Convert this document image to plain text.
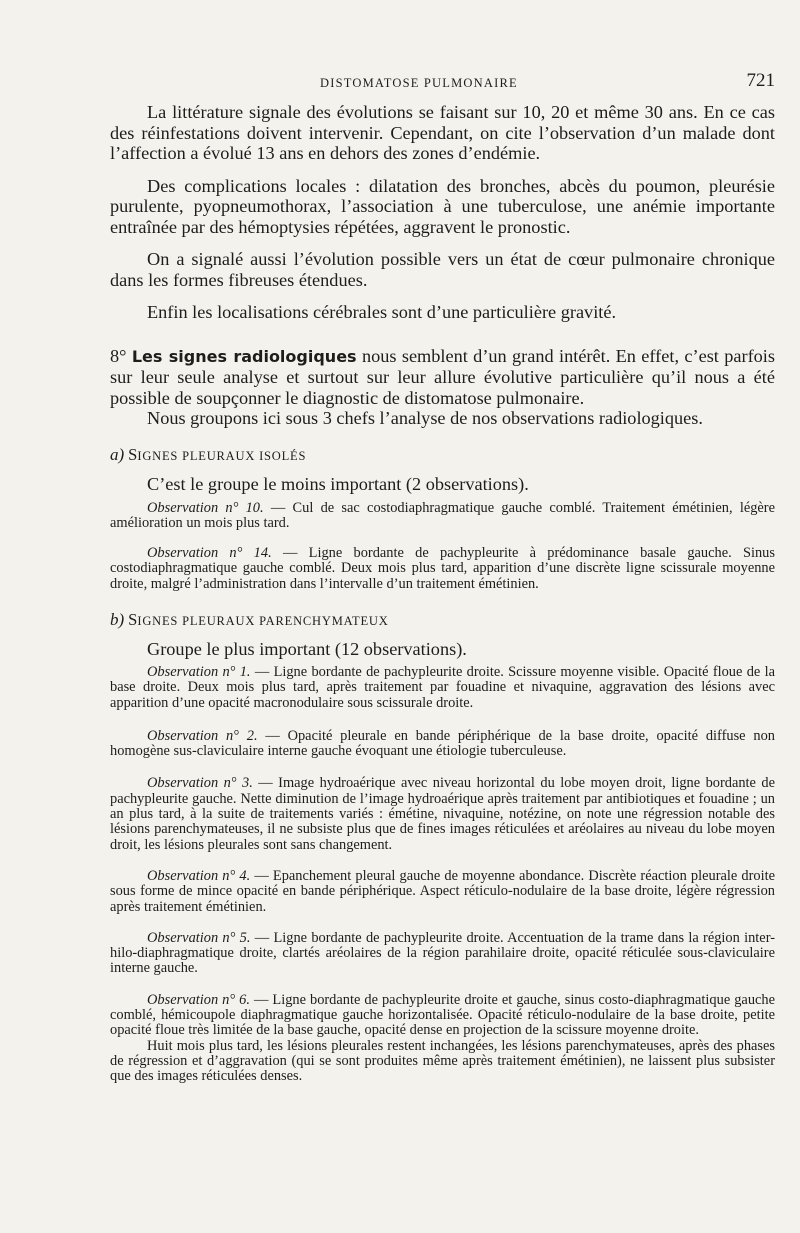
DISTOMATOSE PULMONAIRE	721

La littérature signale des évolutions se faisant sur 10, 20 et même 30 ans. En ce cas des réinfestations doivent intervenir. Cependant, on cite l’observation d’un malade dont l’affection a évolué 13 ans en dehors des zones d’endémie.

Des complications locales : dilatation des bronches, abcès du poumon, pleurésie purulente, pyopneumothorax, l’association à une tuberculose, une anémie importante entraînée par des hémoptysies répétées, aggravent le pronostic.

On a signalé aussi l’évolution possible vers un état de cœur pulmonaire chronique dans les formes fibreuses étendues.

Enfin les localisations cérébrales sont d’une particulière gravité.

8° Les signes radiologiques nous semblent d’un grand intérêt. En effet, c’est parfois sur leur seule analyse et surtout sur leur allure évolutive particulière qu’il nous a été possible de soupçonner le diagnostic de distomatose pulmonaire.

Nous groupons ici sous 3 chefs l’analyse de nos observations radiologiques.

a) SIGNES PLEURAUX ISOLÉS

C’est le groupe le moins important (2 observations).

Observation n° 10. — Cul de sac costodiaphragmatique gauche comblé. Traitement émétinien, légère amélioration un mois plus tard.

Observation n° 14. — Ligne bordante de pachypleurite à prédominance basale gauche. Sinus costodiaphragmatique gauche comblé. Deux mois plus tard, apparition d’une discrète ligne scissurale moyenne droite, malgré l’administration dans l’intervalle d’un traitement émétinien.

b) SIGNES PLEURAUX PARENCHYMATEUX

Groupe le plus important (12 observations).

Observation n° 1. — Ligne bordante de pachypleurite droite. Scissure moyenne visible. Opacité floue de la base droite. Deux mois plus tard, après traitement par fouadine et nivaquine, aggravation des lésions avec apparition d’une opacité macronodulaire sous scissurale droite.

Observation n° 2. — Opacité pleurale en bande périphérique de la base droite, opacité diffuse non homogène sus-claviculaire interne gauche évoquant une étiologie tuberculeuse.

Observation n° 3. — Image hydroaérique avec niveau horizontal du lobe moyen droit, ligne bordante de pachypleurite gauche. Nette diminution de l’image hydroaérique après traitement par antibiotiques et fouadine ; un an plus tard, à la suite de traitements variés : émétine, nivaquine, notézine, on note une régression notable des lésions parenchymateuses, il ne subsiste plus que de fines images réticulées et aréolaires au niveau du lobe moyen droit, les lésions pleurales sont sans changement.

Observation n° 4. — Epanchement pleural gauche de moyenne abondance. Discrète réaction pleurale droite sous forme de mince opacité en bande périphérique. Aspect réticulo-nodulaire de la base droite, légère régression après traitement émétinien.

Observation n° 5. — Ligne bordante de pachypleurite droite. Accentuation de la trame dans la région inter-hilo-diaphragmatique droite, clartés aréolaires de la région parahilaire droite, opacité réticulée sous-claviculaire interne gauche.

Observation n° 6. — Ligne bordante de pachypleurite droite et gauche, sinus costo-diaphragmatique gauche comblé, hémicoupole diaphragmatique gauche horizontalisée. Opacité réticulo-nodulaire de la base droite, petite opacité floue très limitée de la base gauche, opacité dense en projection de la scissure moyenne droite.

Huit mois plus tard, les lésions pleurales restent inchangées, les lésions parenchymateuses, après des phases de régression et d’aggravation (qui se sont produites même après traitement émétinien), ne laissent plus subsister que des images réticulées denses.
